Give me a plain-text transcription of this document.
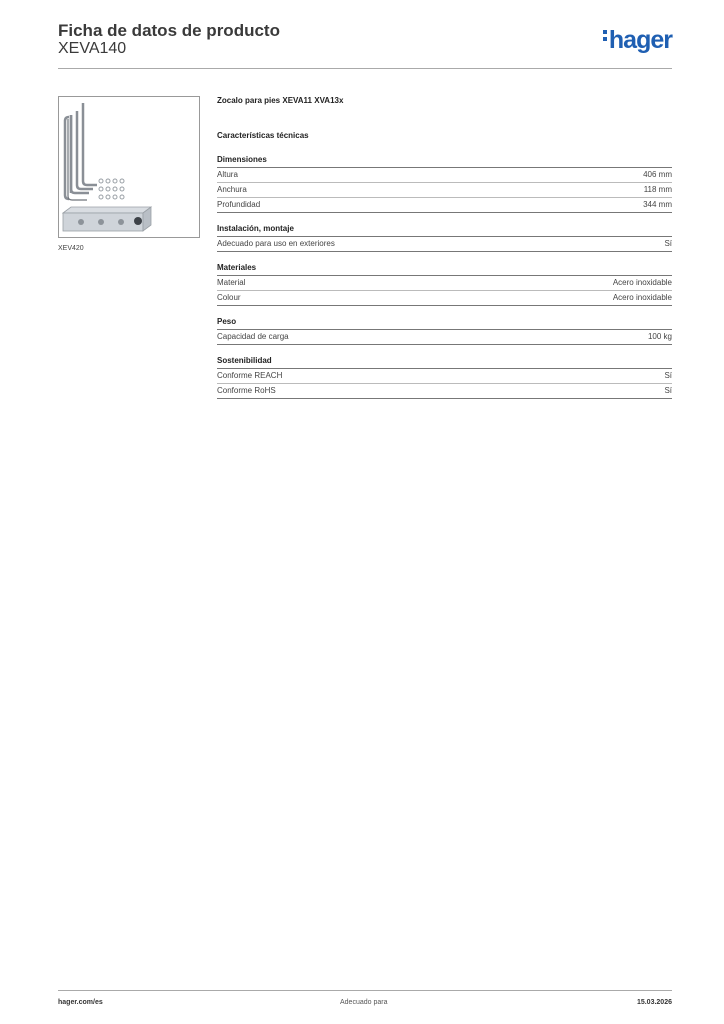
Ficha de datos de producto
XEVA140	hager
XEV420
Zocalo para pies XEVA11 XVA13x
Características técnicas
Dimensiones
Altura	406 mm
Anchura	118 mm
Profundidad	344 mm
Instalación, montaje
Adecuado para uso en exteriores	Sí
Materiales
Material	Acero inoxidable
Colour	Acero inoxidable
Peso
Capacidad de carga	100 kg
Sostenibilidad
Conforme REACH	Sí
Conforme RoHS	Sí
hager.com/es	Adecuado para	15.03.2026
